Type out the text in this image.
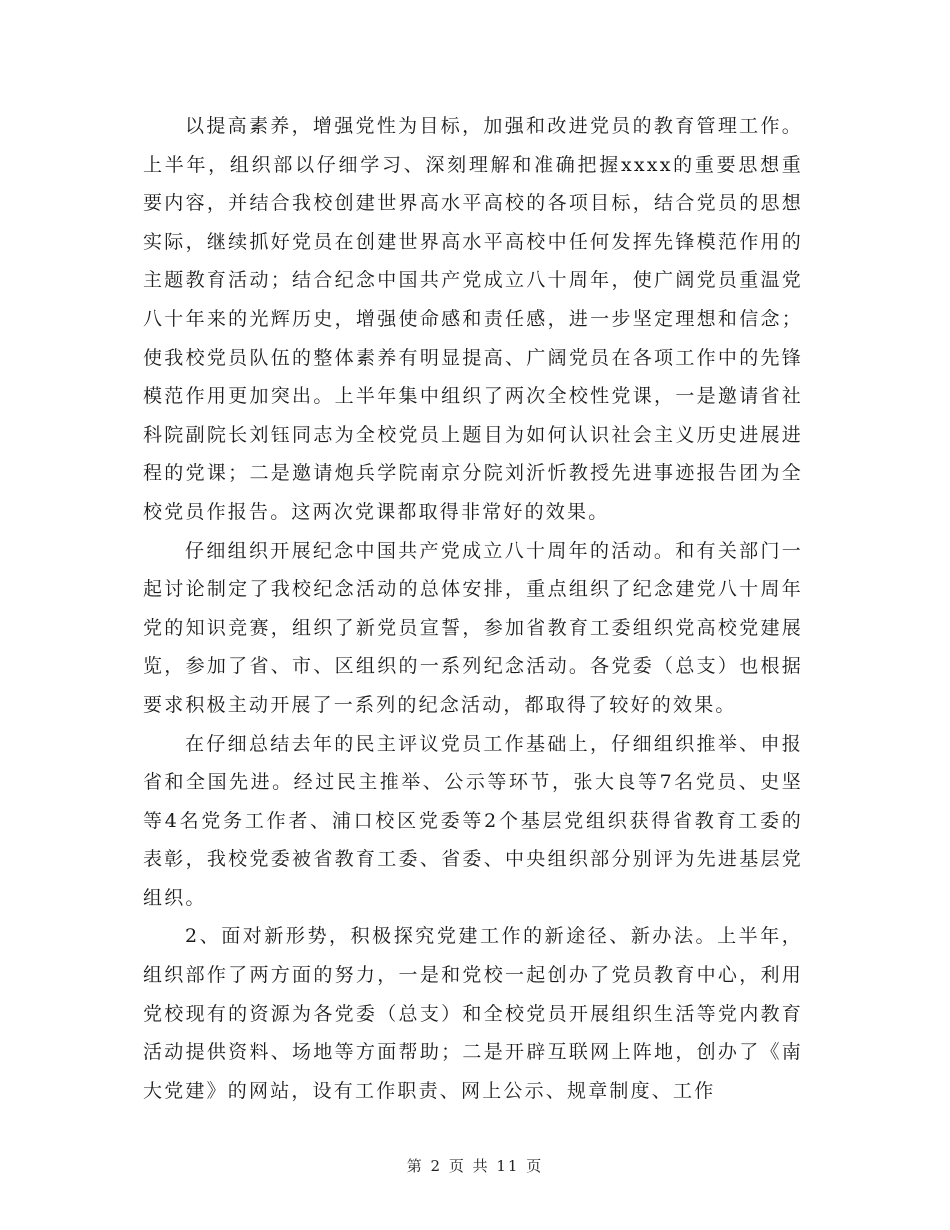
以提高素养，增强党性为目标，加强和改进党员的教育管理工作。上半年，组织部以仔细学习、深刻理解和准确把握xxxx的重要思想重要内容，并结合我校创建世界高水平高校的各项目标，结合党员的思想实际，继续抓好党员在创建世界高水平高校中任何发挥先锋模范作用的主题教育活动；结合纪念中国共产党成立八十周年，使广阔党员重温党八十年来的光辉历史，增强使命感和责任感，进一步坚定理想和信念；使我校党员队伍的整体素养有明显提高、广阔党员在各项工作中的先锋模范作用更加突出。上半年集中组织了两次全校性党课，一是邀请省社科院副院长刘钰同志为全校党员上题目为如何认识社会主义历史进展进程的党课；二是邀请炮兵学院南京分院刘沂忻教授先进事迹报告团为全校党员作报告。这两次党课都取得非常好的效果。

仔细组织开展纪念中国共产党成立八十周年的活动。和有关部门一起讨论制定了我校纪念活动的总体安排，重点组织了纪念建党八十周年党的知识竞赛，组织了新党员宣誓，参加省教育工委组织党高校党建展览，参加了省、市、区组织的一系列纪念活动。各党委（总支）也根据要求积极主动开展了一系列的纪念活动，都取得了较好的效果。

在仔细总结去年的民主评议党员工作基础上，仔细组织推举、申报省和全国先进。经过民主推举、公示等环节，张大良等7名党员、史坚等4名党务工作者、浦口校区党委等2个基层党组织获得省教育工委的表彰，我校党委被省教育工委、省委、中央组织部分别评为先进基层党组织。

2、面对新形势，积极探究党建工作的新途径、新办法。上半年，组织部作了两方面的努力，一是和党校一起创办了党员教育中心，利用党校现有的资源为各党委（总支）和全校党员开展组织生活等党内教育活动提供资料、场地等方面帮助；二是开辟互联网上阵地，创办了《南大党建》的网站，设有工作职责、网上公示、规章制度、工作

第 2 页 共 11 页
